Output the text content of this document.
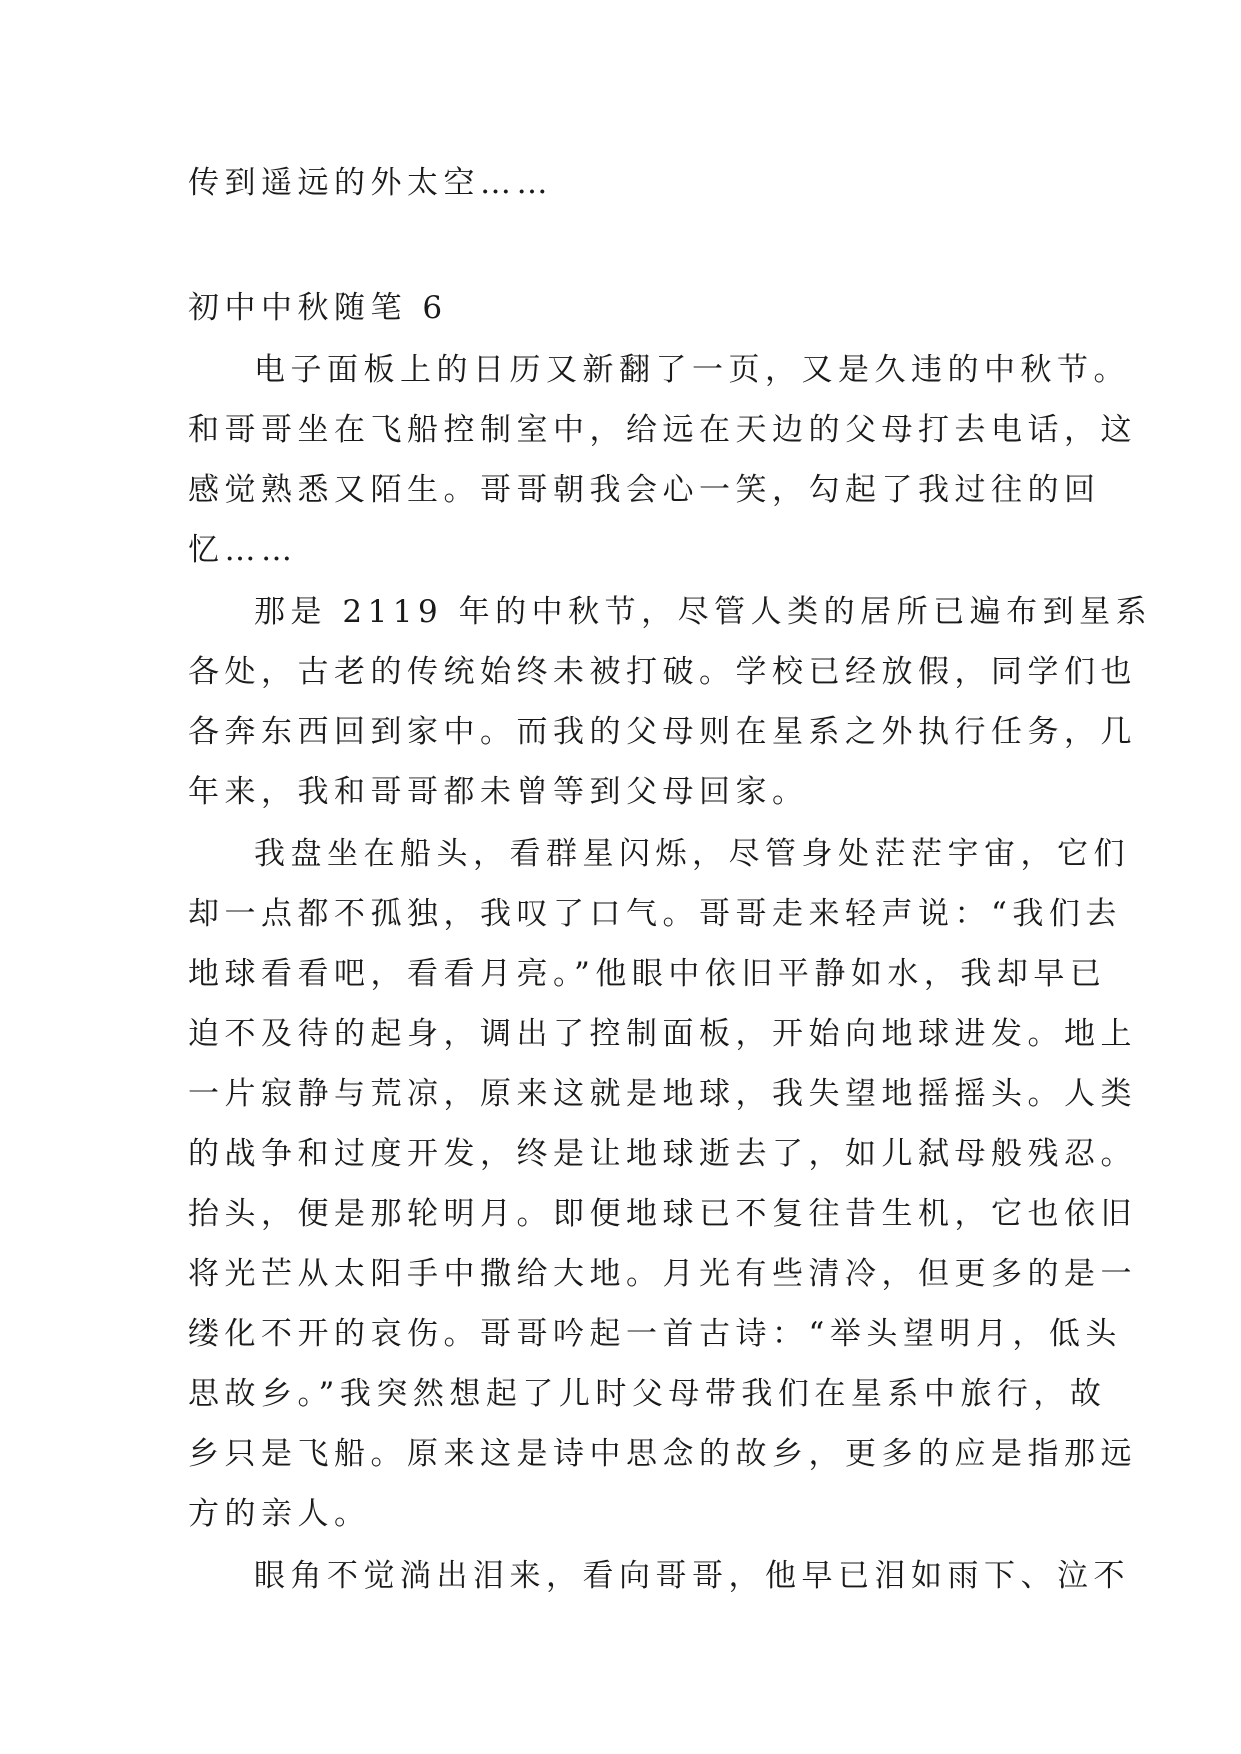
传到遥远的外太空……
初中中秋随笔 6
电子面板上的日历又新翻了一页，又是久违的中秋节。
和哥哥坐在飞船控制室中，给远在天边的父母打去电话，这
感觉熟悉又陌生。哥哥朝我会心一笑，勾起了我过往的回
忆……
那是 2119 年的中秋节，尽管人类的居所已遍布到星系
各处，古老的传统始终未被打破。学校已经放假，同学们也
各奔东西回到家中。而我的父母则在星系之外执行任务，几
年来，我和哥哥都未曾等到父母回家。
我盘坐在船头，看群星闪烁，尽管身处茫茫宇宙，它们
却一点都不孤独，我叹了口气。哥哥走来轻声说：“我们去
地球看看吧，看看月亮。”他眼中依旧平静如水，我却早已
迫不及待的起身，调出了控制面板，开始向地球进发。地上
一片寂静与荒凉，原来这就是地球，我失望地摇摇头。人类
的战争和过度开发，终是让地球逝去了，如儿弑母般残忍。
抬头，便是那轮明月。即便地球已不复往昔生机，它也依旧
将光芒从太阳手中撒给大地。月光有些清冷，但更多的是一
缕化不开的哀伤。哥哥吟起一首古诗：“举头望明月，低头
思故乡。”我突然想起了儿时父母带我们在星系中旅行，故
乡只是飞船。原来这是诗中思念的故乡，更多的应是指那远
方的亲人。
眼角不觉淌出泪来，看向哥哥，他早已泪如雨下、泣不
